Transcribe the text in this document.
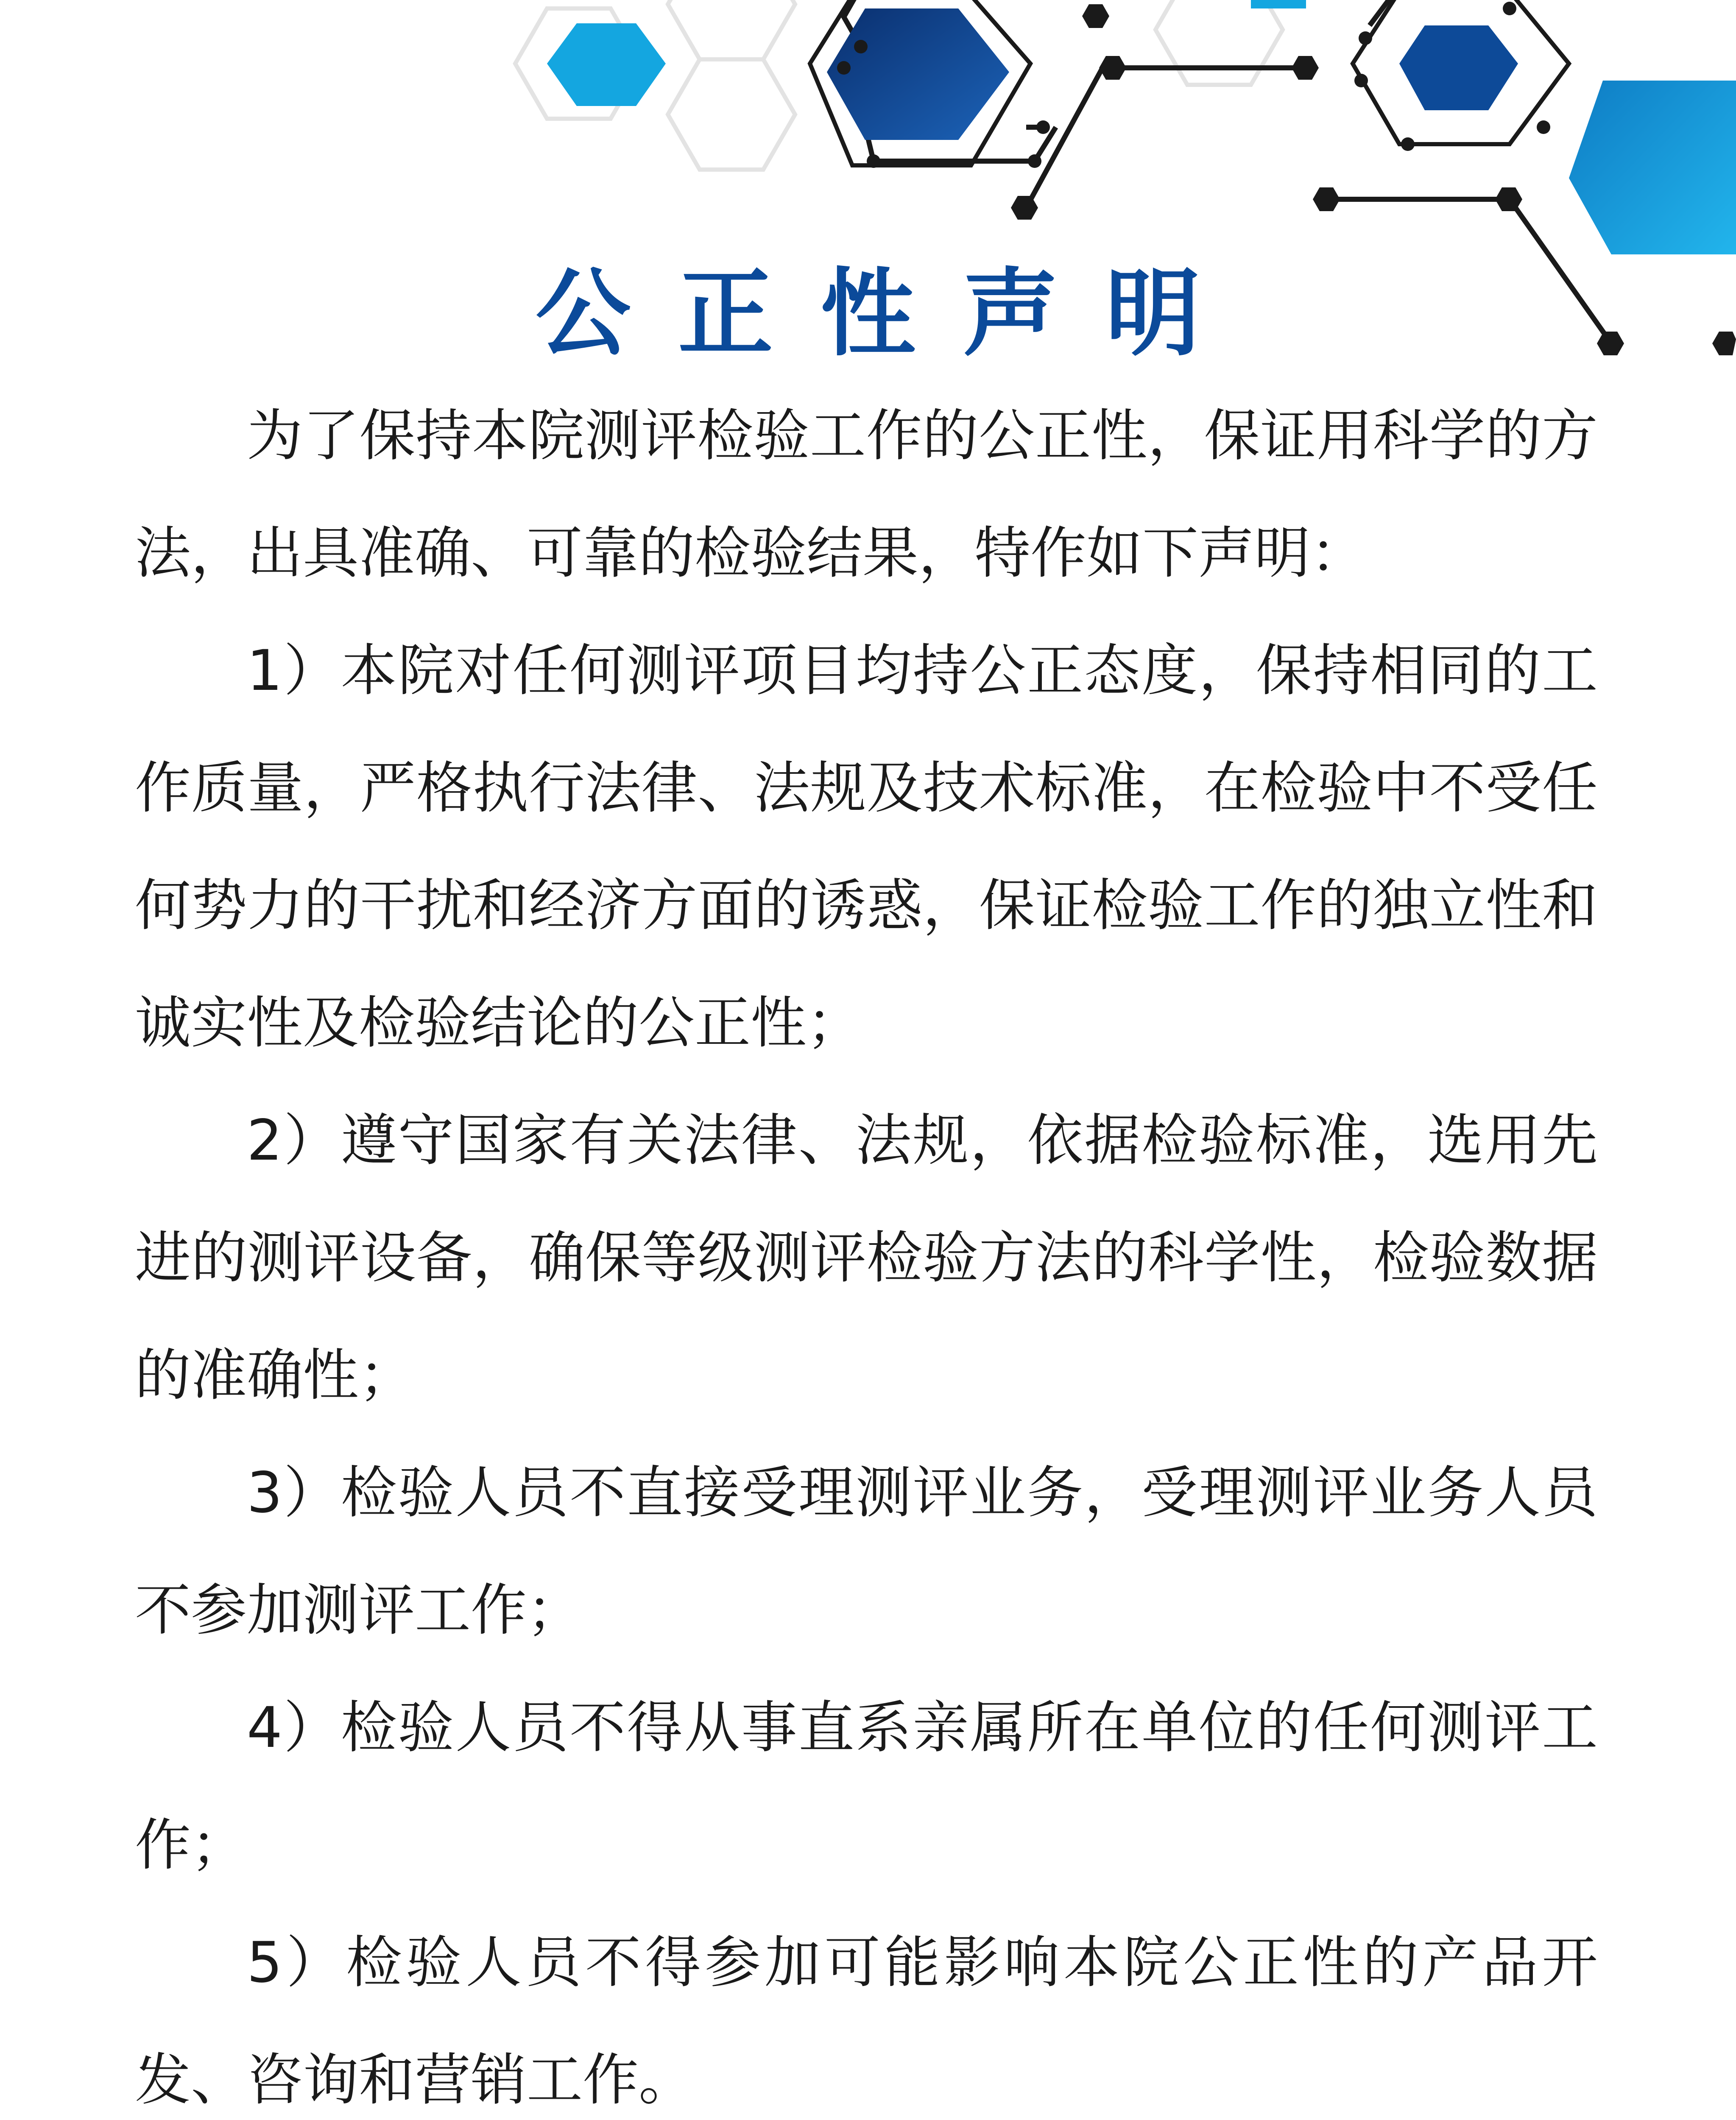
公正性声明

为了保持本院测评检验工作的公正性，保证用科学的方法，出具准确、可靠的检验结果，特作如下声明：

1）本院对任何测评项目均持公正态度，保持相同的工作质量，严格执行法律、法规及技术标准，在检验中不受任何势力的干扰和经济方面的诱惑，保证检验工作的独立性和诚实性及检验结论的公正性；

2）遵守国家有关法律、法规，依据检验标准，选用先进的测评设备，确保等级测评检验方法的科学性，检验数据的准确性；

3）检验人员不直接受理测评业务，受理测评业务人员不参加测评工作；

4）检验人员不得从事直系亲属所在单位的任何测评工作；

5）检验人员不得参加可能影响本院公正性的产品开发、咨询和营销工作。
